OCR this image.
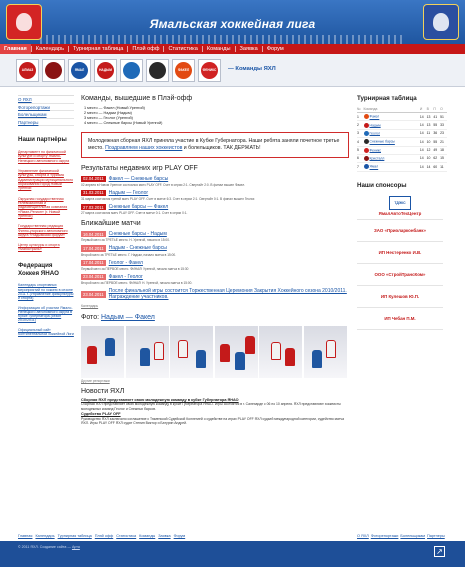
Ямальская хоккейная лига
Главная	Календарь	Турнирная таблица	Плэй офф	Статистика	Команды	Заявка	Форум
АЛМАЗ	ЯМАЛ	НАДЫМ	ФАКЕЛ	ФЕНИКС — Команды ЯХЛ
О ЯХЛ
Фоторепортажи
Болельщикам
Партнеры
Наши партнёры
Департамент по физической культуре и спорту Ямало-Ненецкого автономного округа
Управление физической культуры, спорта и туризма Администрации муниципального образования город Новый Уренгой
Окружная государственная телевизионная и радиовещательная компания «Ямал-Регион» (г. Новый Уренгой)
Государственная редакция Финно-угорского автономного округа «Надымский форум»
Центр культуры и спорта «Магистраль»
Федерация Хоккея ЯНАО
Календарь спортивных мероприятий по хоккею в сезоне 2011 г. (Управление физкультуры и спорта)
Информация об участии Ямало-Ненецкого автономного округа в Кубке Губернатора (сезон 2010/2011)
Официальный сайт Континентальной хоккейной Лиги
Команды, вышедшие в Плэй-офф
1 место — Факел (Новый Уренгой)
2 место — Надым (Надым)
3 место — Геолог (Уренгой)
4 место — Снежные барсы (Новый Уренгой)
Молодежная сборная ЯХЛ приняла участие в Кубке Губернатора. Наши ребята заняли почетное третье место. Поздравляем наших хоккеистов и болельщиков. ТАК ДЕРЖАТЬ!
Результаты недавних игр PLAY OFF
02.04.2011	Факел — Снежные барсы
02 апреля в Новом Уренгое состоялся матч PLAY OFF. Счет в серии 2:1. Свертайт 2:0. В финал вышел Факел.
31.03.2011	Надым — Геолог
31 марта состоялся третий матч PLAY OFF. Счет в матче 6:3. Счет в серии 2:1. Свертайт 0:1. В финал вышел Геолог.
27.03.2011	Снежные барсы — Факел
27 марта состоялся матч PLAY OFF. Счет в матче 0:1. Счет в серии 0:1.
Ближайшие матчи
16.04.2011	Снежные барсы - Надым
Первый матч за ТРЕТЬЕ место. Н. Уренгой, начало в 15:00.
17.04.2011	Надым - Снежные барсы
Второй матч за ТРЕТЬЕ место. Г. Надым, начало матча в 15:00.
17.04.2011	Геолог - Факел
Первый матч за ПЕРВОЕ место. ФИНАЛ! Уренгой, начало матча в 15:30
23.04.2011	Факел - Геолог
Второй матч за ПЕРВОЕ место. ФИНАЛ! Н. Уренгой, начало матча в 15:00.
23.04.2011
После финальной игры состоится Торжественная Церемония Закрытия Хоккейного сезона 2010/2011. Награждение участников.
Календарь
Фото: Надым — Факел
Другие репортажи
Новости ЯХЛ
Сборная ЯХЛ представляет свою молодежную команду в кубке Губернатора ЯНАО
Сборная ЯХЛ представляет свою молодежную команду в кубке Губернатора ЯНАО. Игры состоятся в г. Салехарде с 06 по 10 апреля. ЯХЛ представляют хоккеисты молодежных команд Геолог и Снежных барсов.
Судейство PLAY OFF
Руководство ЯХЛ заключило соглашение с Тюменской Судейской Коллегией о судействе на играх PLAY OFF ЯХЛ судьей международной категории, судейство матча ЯХЛ. Игры PLAY OFF ЯХЛ судят Стенин Виктор и Батурин Андрей.
Турнирная таблица
№	Команда	И	В	П	О
1	Факел	14	13	41	51
2	Надым	14	13	55	33
3	Геолог	14	11	36	23
4	Снежные барсы	14	10	55	21
5	Феникс	14	12	49	18
6	Кристалл	14	10	62	15
7	Ямал	14	14	60	11
Наши спонсоры
ТДЭКС
ЯмалАвтоТехЦентр
ЗАО «Приоларконбанк»
ИП Нестеренко И.В.
ООО «СтройТрансКом»
ИП Кулешов Ю.П.
ИП Чебан П.М.
Главная Календарь Турнирная таблица Плэй офф Статистика Команды Заявка Форум	О ЯХЛ Фоторепортажи Болельщикам Партнеры
© 2011 ЯХЛ. Создание сайта — Арта	↗
